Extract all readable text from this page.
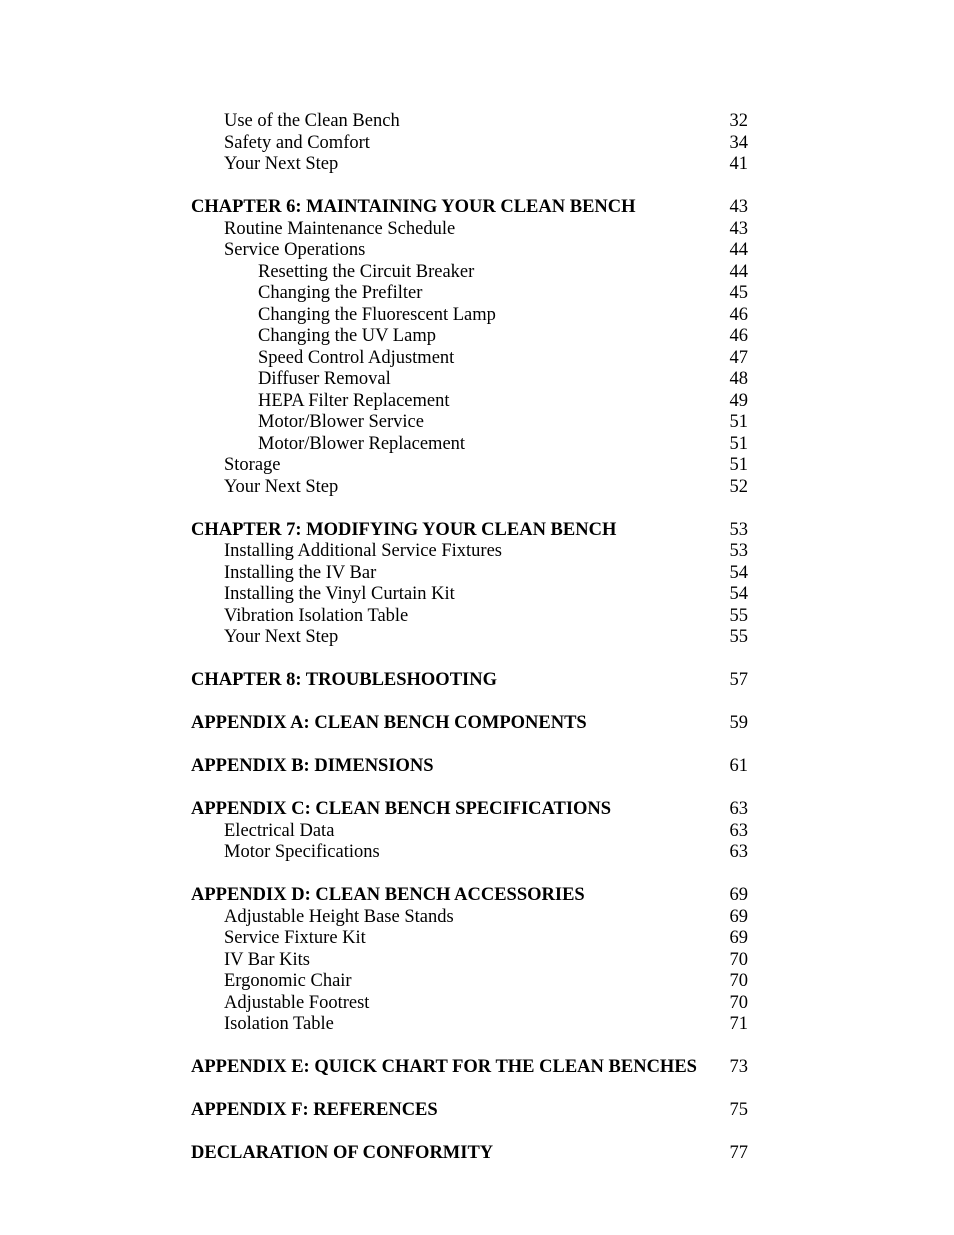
Use of the Clean Bench	32
Safety and Comfort	34
Your Next Step	41
CHAPTER 6: MAINTAINING YOUR CLEAN BENCH	43
Routine Maintenance Schedule	43
Service Operations	44
Resetting the Circuit Breaker	44
Changing the Prefilter	45
Changing the Fluorescent Lamp	46
Changing the UV Lamp	46
Speed Control Adjustment	47
Diffuser Removal	48
HEPA Filter Replacement	49
Motor/Blower Service	51
Motor/Blower Replacement	51
Storage	51
Your Next Step	52
CHAPTER 7: MODIFYING YOUR CLEAN BENCH	53
Installing Additional Service Fixtures	53
Installing the IV Bar	54
Installing the Vinyl Curtain Kit	54
Vibration Isolation Table	55
Your Next Step	55
CHAPTER 8: TROUBLESHOOTING	57
APPENDIX A: CLEAN BENCH COMPONENTS	59
APPENDIX B: DIMENSIONS	61
APPENDIX C: CLEAN BENCH SPECIFICATIONS	63
Electrical Data	63
Motor Specifications	63
APPENDIX D: CLEAN BENCH ACCESSORIES	69
Adjustable Height Base Stands	69
Service Fixture Kit	69
IV Bar Kits	70
Ergonomic Chair	70
Adjustable Footrest	70
Isolation Table	71
APPENDIX E: QUICK CHART FOR THE CLEAN BENCHES 73
APPENDIX F: REFERENCES	75
DECLARATION OF CONFORMITY	77
